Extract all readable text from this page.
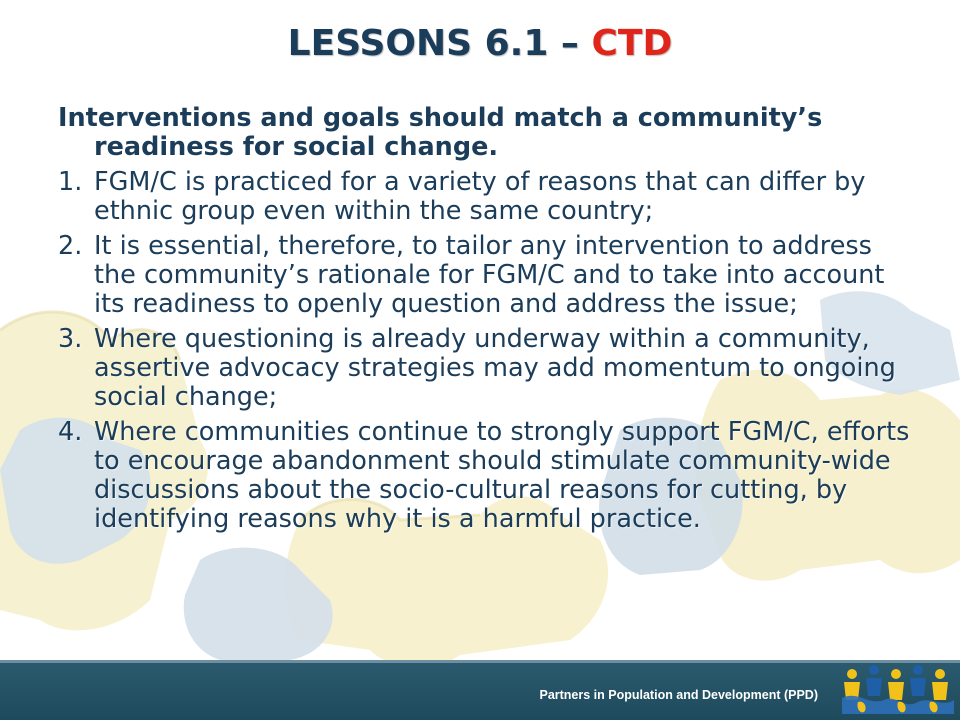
LESSONS 6.1 – CTD

Interventions and goals should match a community’s readiness for social change.

1. FGM/C is practiced for a variety of reasons that can differ by ethnic group even within the same country;
2. It is essential, therefore, to tailor any intervention to address the community’s rationale for FGM/C and to take into account its readiness to openly question and address the issue;
3. Where questioning is already underway within a community, assertive advocacy strategies may add momentum to ongoing social change;
4. Where communities continue to strongly support FGM/C, efforts to encourage abandonment should stimulate community-wide discussions about the socio-cultural reasons for cutting, by identifying reasons why it is a harmful practice.
Partners in Population and Development (PPD)
